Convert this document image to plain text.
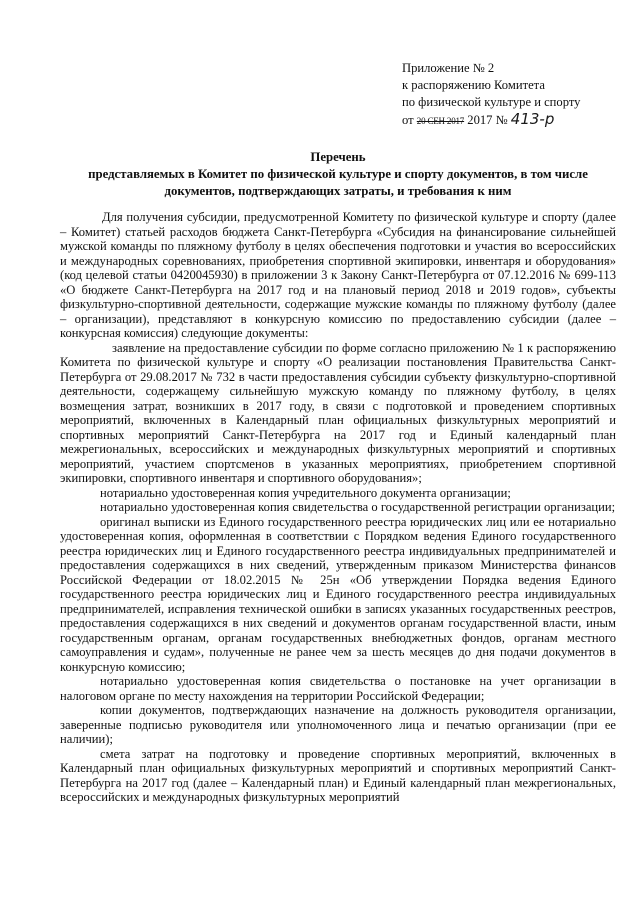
Приложение № 2
к распоряжению Комитета
по физической культуре и спорту
от 20 СЕН 2017 2017 № 413-р
Перечень
представляемых в Комитет по физической культуре и спорту документов, в том числе
документов, подтверждающих затраты, и требования к ним

Для получения субсидии, предусмотренной Комитету по физической культуре и спорту (далее – Комитет) статьей расходов бюджета Санкт-Петербурга «Субсидия на финансирование сильнейшей мужской команды по пляжному футболу в целях обеспечения подготовки и участия во всероссийских и международных соревнованиях, приобретения спортивной экипировки, инвентаря и оборудования» (код целевой статьи 0420045930) в приложении 3 к Закону Санкт-Петербурга от 07.12.2016 № 699-113 «О бюджете Санкт-Петербурга на 2017 год и на плановый период 2018 и 2019 годов», субъекты физкультурно-спортивной деятельности, содержащие мужские команды по пляжному футболу (далее – организации), представляют в конкурсную комиссию по предоставлению субсидии (далее – конкурсная комиссия) следующие документы:

заявление на предоставление субсидии по форме согласно приложению № 1 к распоряжению Комитета по физической культуре и спорту «О реализации постановления Правительства Санкт-Петербурга от 29.08.2017 № 732 в части предоставления субсидии субъекту физкультурно-спортивной деятельности, содержащему сильнейшую мужскую команду по пляжному футболу, в целях возмещения затрат, возникших в 2017 году, в связи с подготовкой и проведением спортивных мероприятий, включенных в Календарный план официальных физкультурных мероприятий и спортивных мероприятий Санкт-Петербурга на 2017 год и Единый календарный план межрегиональных, всероссийских и международных физкультурных мероприятий и спортивных мероприятий, участием спортсменов в указанных мероприятиях, приобретением спортивной экипировки, спортивного инвентаря и спортивного оборудования»;

нотариально удостоверенная копия учредительного документа организации;

нотариально удостоверенная копия свидетельства о государственной регистрации организации;

оригинал выписки из Единого государственного реестра юридических лиц или ее нотариально удостоверенная копия, оформленная в соответствии с Порядком ведения Единого государственного реестра юридических лиц и Единого государственного реестра индивидуальных предпринимателей и предоставления содержащихся в них сведений, утвержденным приказом Министерства финансов Российской Федерации от 18.02.2015 № 25н «Об утверждении Порядка ведения Единого государственного реестра юридических лиц и Единого государственного реестра индивидуальных предпринимателей, исправления технической ошибки в записях указанных государственных реестров, предоставления содержащихся в них сведений и документов органам государственной власти, иным государственным органам, органам государственных внебюджетных фондов, органам местного самоуправления и судам», полученные не ранее чем за шесть месяцев до дня подачи документов в конкурсную комиссию;

нотариально удостоверенная копия свидетельства о постановке на учет организации в налоговом органе по месту нахождения на территории Российской Федерации;

копии документов, подтверждающих назначение на должность руководителя организации, заверенные подписью руководителя или уполномоченного лица и печатью организации (при ее наличии);

смета затрат на подготовку и проведение спортивных мероприятий, включенных в Календарный план официальных физкультурных мероприятий и спортивных мероприятий Санкт-Петербурга на 2017 год (далее – Календарный план) и Единый календарный план межрегиональных, всероссийских и международных физкультурных мероприятий
